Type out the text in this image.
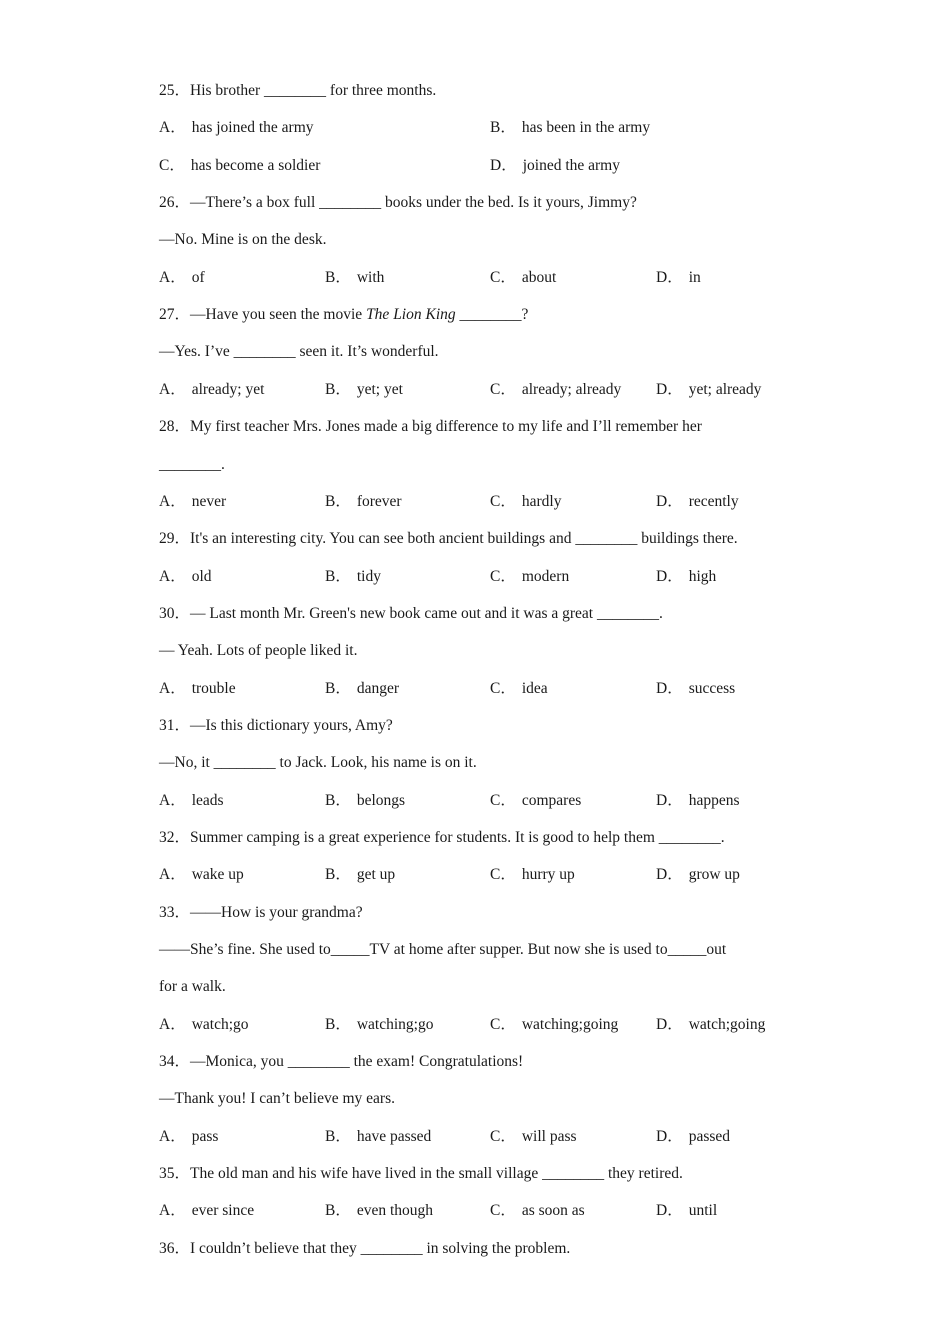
25．His brother ________ for three months.
A． has joined the army	B． has been in the army
C． has become a soldier	D． joined the army
26．—There’s a box full ________ books under the bed. Is it yours, Jimmy?
—No. Mine is on the desk.
A． of	B． with	C． about	D． in
27．—Have you seen the movie The Lion King ________?
—Yes. I’ve ________ seen it. It’s wonderful.
A． already; yet	B． yet; yet	C． already; already D． yet; already
28．My first teacher Mrs. Jones made a big difference to my life and I’ll remember her
________.
A． never	B． forever	C． hardly	D． recently
29．It's an interesting city. You can see both ancient buildings and ________ buildings there.
A． old	B． tidy	C． modern	D． high
30．— Last month Mr. Green's new book came out and it was a great ________.
— Yeah. Lots of people liked it.
A． trouble	B． danger	C． idea	D． success
31．—Is this dictionary yours, Amy?
—No, it ________ to Jack. Look, his name is on it.
A． leads	B． belongs	C． compares	D． happens
32．Summer camping is a great experience for students. It is good to help them ________.
A． wake up	B． get up	C． hurry up	D． grow up
33．——How is your grandma?
——She’s fine. She used to_____TV at home after supper. But now she is used to_____out
for a walk.
A． watch;go	B． watching;go	C． watching;going D． watch;going
34．—Monica, you ________ the exam! Congratulations!
—Thank you! I can’t believe my ears.
A． pass	B． have passed	C． will pass	D． passed
35．The old man and his wife have lived in the small village ________ they retired.
A． ever since	B． even though	C． as soon as	D． until
36．I couldn’t believe that they ________ in solving the problem.
